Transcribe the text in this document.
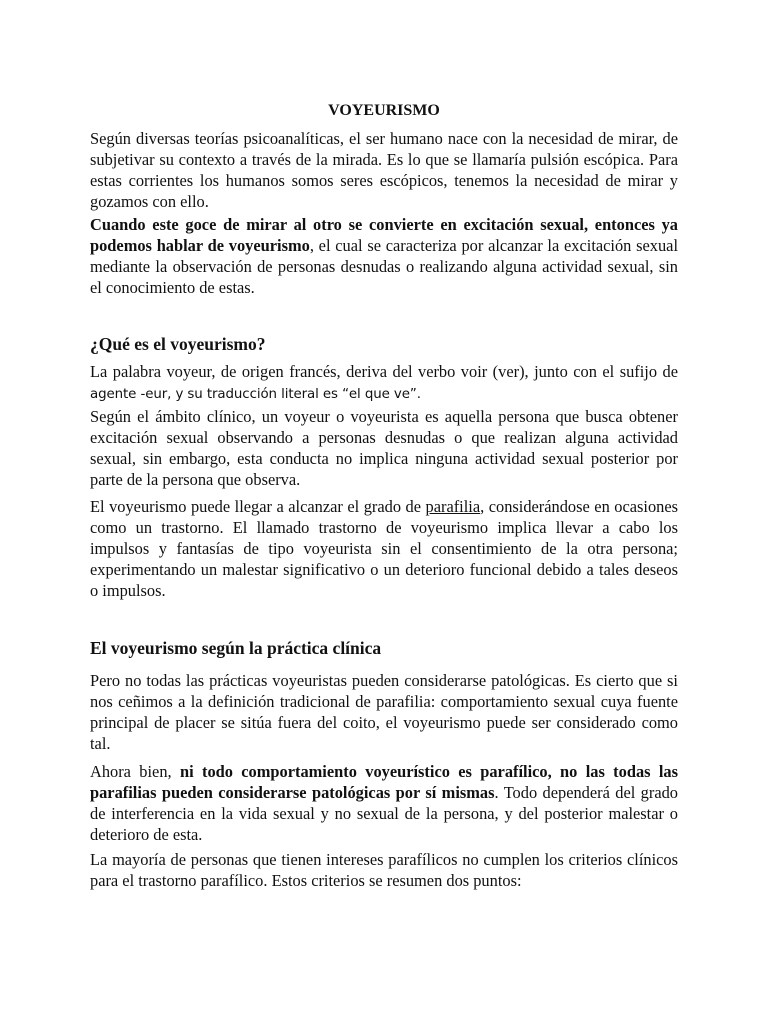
VOYEURISMO

Según diversas teorías psicoanalíticas, el ser humano nace con la necesidad de mirar, de subjetivar su contexto a través de la mirada. Es lo que se llamaría pulsión escópica. Para estas corrientes los humanos somos seres escópicos, tenemos la necesidad de mirar y gozamos con ello.

Cuando este goce de mirar al otro se convierte en excitación sexual, entonces ya podemos hablar de voyeurismo, el cual se caracteriza por alcanzar la excitación sexual mediante la observación de personas desnudas o realizando alguna actividad sexual, sin el conocimiento de estas.

¿Qué es el voyeurismo?

La palabra voyeur, de origen francés, deriva del verbo voir (ver), junto con el sufijo de agente -eur, y su traducción literal es “el que ve”.

Según el ámbito clínico, un voyeur o voyeurista es aquella persona que busca obtener excitación sexual observando a personas desnudas o que realizan alguna actividad sexual, sin embargo, esta conducta no implica ninguna actividad sexual posterior por parte de la persona que observa.

El voyeurismo puede llegar a alcanzar el grado de parafilia, considerándose en ocasiones como un trastorno. El llamado trastorno de voyeurismo implica llevar a cabo los impulsos y fantasías de tipo voyeurista sin el consentimiento de la otra persona; experimentando un malestar significativo o un deterioro funcional debido a tales deseos o impulsos.

El voyeurismo según la práctica clínica

Pero no todas las prácticas voyeuristas pueden considerarse patológicas. Es cierto que si nos ceñimos a la definición tradicional de parafilia: comportamiento sexual cuya fuente principal de placer se sitúa fuera del coito, el voyeurismo puede ser considerado como tal.

Ahora bien, ni todo comportamiento voyeurístico es parafílico, no las todas las parafilias pueden considerarse patológicas por sí mismas. Todo dependerá del grado de interferencia en la vida sexual y no sexual de la persona, y del posterior malestar o deterioro de esta.

La mayoría de personas que tienen intereses parafílicos no cumplen los criterios clínicos para el trastorno parafílico. Estos criterios se resumen dos puntos:
